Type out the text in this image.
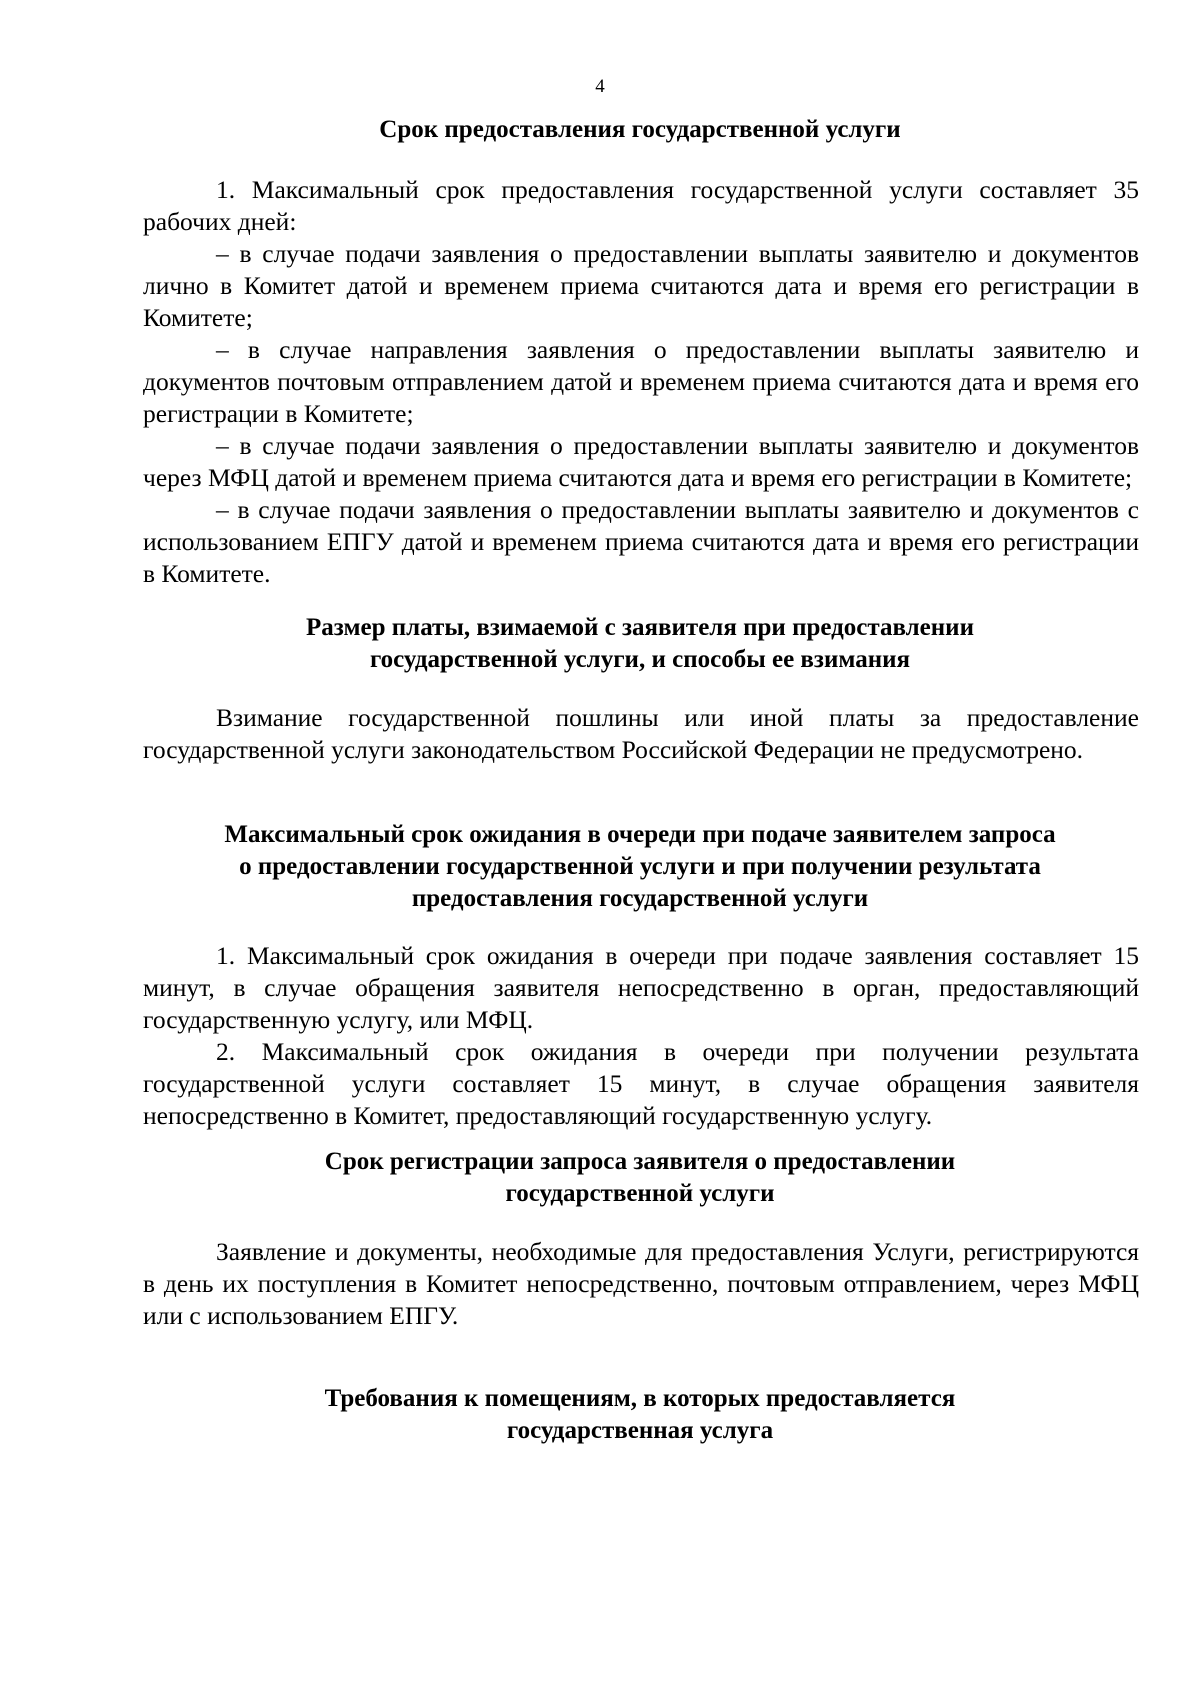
4
Срок предоставления государственной услуги

1. Максимальный срок предоставления государственной услуги составляет 35 рабочих дней:

– в случае подачи заявления о предоставлении выплаты заявителю и документов лично в Комитет датой и временем приема считаются дата и время его регистрации в Комитете;

– в случае направления заявления о предоставлении выплаты заявителю и документов почтовым отправлением датой и временем приема считаются дата и время его регистрации в Комитете;

– в случае подачи заявления о предоставлении выплаты заявителю и документов через МФЦ датой и временем приема считаются дата и время его регистрации в Комитете;

– в случае подачи заявления о предоставлении выплаты заявителю и документов с использованием ЕПГУ датой и временем приема считаются дата и время его регистрации в Комитете.

Размер платы, взимаемой с заявителя при предоставлении
государственной услуги, и способы ее взимания

Взимание государственной пошлины или иной платы за предоставление государственной услуги законодательством Российской Федерации не предусмотрено.

Максимальный срок ожидания в очереди при подаче заявителем запроса
о предоставлении государственной услуги и при получении результата
предоставления государственной услуги

1. Максимальный срок ожидания в очереди при подаче заявления составляет 15 минут, в случае обращения заявителя непосредственно в орган, предоставляющий государственную услугу, или МФЦ.

2. Максимальный срок ожидания в очереди при получении результата государственной услуги составляет 15 минут, в случае обращения заявителя непосредственно в Комитет, предоставляющий государственную услугу.

Срок регистрации запроса заявителя о предоставлении
государственной услуги

Заявление и документы, необходимые для предоставления Услуги, регистрируются в день их поступления в Комитет непосредственно, почтовым отправлением, через МФЦ или с использованием ЕПГУ.

Требования к помещениям, в которых предоставляется
государственная услуга
